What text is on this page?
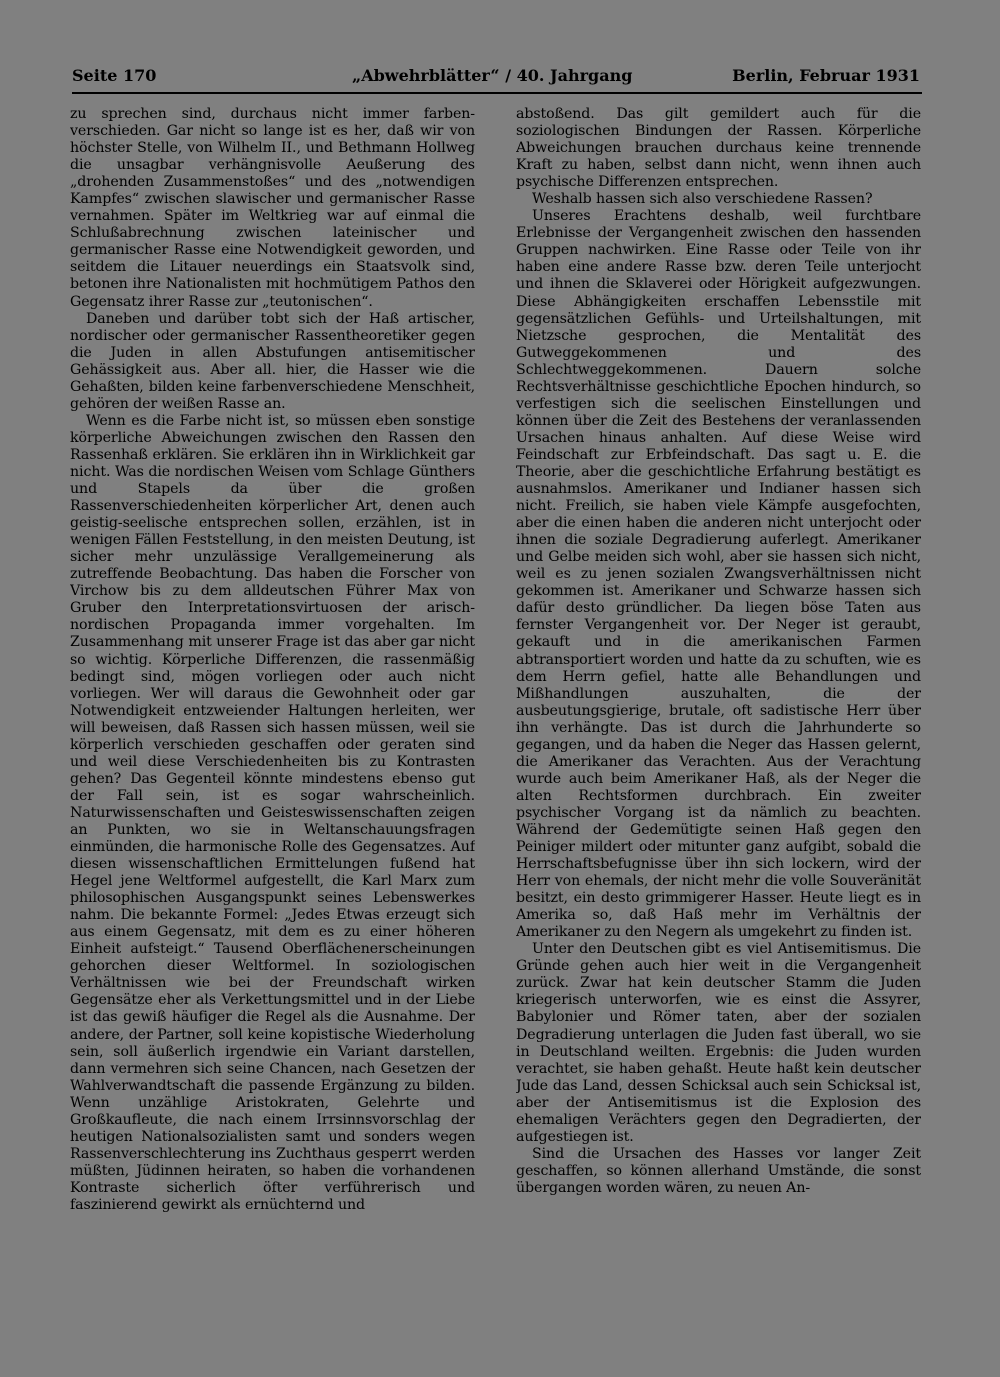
Seite 170	„Abwehrblätter“ / 40. Jahrgang	Berlin, Februar 1931

zu sprechen sind, durchaus nicht immer farben-verschieden. Gar nicht so lange ist es her, daß wir von höchster Stelle, von Wilhelm II., und Bethmann Hollweg die unsagbar verhängnisvolle Aeußerung des „drohenden Zusammenstoßes“ und des „notwendigen Kampfes“ zwischen slawischer und germanischer Rasse vernahmen. Später im Weltkrieg war auf einmal die Schlußabrechnung zwischen lateinischer und germanischer Rasse eine Notwendigkeit geworden, und seitdem die Litauer neuerdings ein Staatsvolk sind, betonen ihre Nationalisten mit hochmütigem Pathos den Gegensatz ihrer Rasse zur „teutonischen“.

Daneben und darüber tobt sich der Haß artischer, nordischer oder germanischer Rassentheoretiker gegen die Juden in allen Abstufungen antisemitischer Gehässigkeit aus. Aber all. hier, die Hasser wie die Gehaßten, bilden keine farbenverschiedene Menschheit, gehören der weißen Rasse an.

Wenn es die Farbe nicht ist, so müssen eben sonstige körperliche Abweichungen zwischen den Rassen den Rassenhaß erklären. Sie erklären ihn in Wirklichkeit gar nicht. Was die nordischen Weisen vom Schlage Günthers und Stapels da über die großen Rassenverschiedenheiten körperlicher Art, denen auch geistig-seelische entsprechen sollen, erzählen, ist in wenigen Fällen Feststellung, in den meisten Deutung, ist sicher mehr unzulässige Verallgemeinerung als zutreffende Beobachtung. Das haben die Forscher von Virchow bis zu dem alldeutschen Führer Max von Gruber den Interpretationsvirtuosen der arisch-nordischen Propaganda immer vorgehalten. Im Zusammenhang mit unserer Frage ist das aber gar nicht so wichtig. Körperliche Differenzen, die rassenmäßig bedingt sind, mögen vorliegen oder auch nicht vorliegen. Wer will daraus die Gewohnheit oder gar Notwendigkeit entzweiender Haltungen herleiten, wer will beweisen, daß Rassen sich hassen müssen, weil sie körperlich verschieden geschaffen oder geraten sind und weil diese Verschiedenheiten bis zu Kontrasten gehen? Das Gegenteil könnte mindestens ebenso gut der Fall sein, ist es sogar wahrscheinlich. Naturwissenschaften und Geisteswissenschaften zeigen an Punkten, wo sie in Weltanschauungsfragen einmünden, die harmonische Rolle des Gegensatzes. Auf diesen wissenschaftlichen Ermittelungen fußend hat Hegel jene Weltformel aufgestellt, die Karl Marx zum philosophischen Ausgangspunkt seines Lebenswerkes nahm. Die bekannte Formel: „Jedes Etwas erzeugt sich aus einem Gegensatz, mit dem es zu einer höheren Einheit aufsteigt.“ Tausend Oberflächenerscheinungen gehorchen dieser Weltformel. In soziologischen Verhältnissen wie bei der Freundschaft wirken Gegensätze eher als Verkettungsmittel und in der Liebe ist das gewiß häufiger die Regel als die Ausnahme. Der andere, der Partner, soll keine kopistische Wiederholung sein, soll äußerlich irgendwie ein Variant darstellen, dann vermehren sich seine Chancen, nach Gesetzen der Wahlverwandtschaft die passende Ergänzung zu bilden. Wenn unzählige Aristokraten, Gelehrte und Großkaufleute, die nach einem Irrsinnsvorschlag der heutigen Nationalsozialisten samt und sonders wegen Rassenverschlechterung ins Zuchthaus gesperrt werden müßten, Jüdinnen heiraten, so haben die vorhandenen Kontraste sicherlich öfter verführerisch und faszinierend gewirkt als ernüchternd und

abstoßend. Das gilt gemildert auch für die soziologischen Bindungen der Rassen. Körperliche Abweichungen brauchen durchaus keine trennende Kraft zu haben, selbst dann nicht, wenn ihnen auch psychische Differenzen entsprechen.

Weshalb hassen sich also verschiedene Rassen?

Unseres Erachtens deshalb, weil furchtbare Erlebnisse der Vergangenheit zwischen den hassenden Gruppen nachwirken. Eine Rasse oder Teile von ihr haben eine andere Rasse bzw. deren Teile unterjocht und ihnen die Sklaverei oder Hörigkeit aufgezwungen. Diese Abhängigkeiten erschaffen Lebensstile mit gegensätzlichen Gefühls- und Urteilshaltungen, mit Nietzsche gesprochen, die Mentalität des Gutweggekommenen und des Schlechtweggekommenen. Dauern solche Rechtsverhältnisse geschichtliche Epochen hindurch, so verfestigen sich die seelischen Einstellungen und können über die Zeit des Bestehens der veranlassenden Ursachen hinaus anhalten. Auf diese Weise wird Feindschaft zur Erbfeindschaft. Das sagt u. E. die Theorie, aber die geschichtliche Erfahrung bestätigt es ausnahmslos. Amerikaner und Indianer hassen sich nicht. Freilich, sie haben viele Kämpfe ausgefochten, aber die einen haben die anderen nicht unterjocht oder ihnen die soziale Degradierung auferlegt. Amerikaner und Gelbe meiden sich wohl, aber sie hassen sich nicht, weil es zu jenen sozialen Zwangsverhältnissen nicht gekommen ist. Amerikaner und Schwarze hassen sich dafür desto gründlicher. Da liegen böse Taten aus fernster Vergangenheit vor. Der Neger ist geraubt, gekauft und in die amerikanischen Farmen abtransportiert worden und hatte da zu schuften, wie es dem Herrn gefiel, hatte alle Behandlungen und Mißhandlungen auszuhalten, die der ausbeutungsgierige, brutale, oft sadistische Herr über ihn verhängte. Das ist durch die Jahrhunderte so gegangen, und da haben die Neger das Hassen gelernt, die Amerikaner das Verachten. Aus der Verachtung wurde auch beim Amerikaner Haß, als der Neger die alten Rechtsformen durchbrach. Ein zweiter psychischer Vorgang ist da nämlich zu beachten. Während der Gedemütigte seinen Haß gegen den Peiniger mildert oder mitunter ganz aufgibt, sobald die Herrschaftsbefugnisse über ihn sich lockern, wird der Herr von ehemals, der nicht mehr die volle Souveränität besitzt, ein desto grimmigerer Hasser. Heute liegt es in Amerika so, daß Haß mehr im Verhältnis der Amerikaner zu den Negern als umgekehrt zu finden ist.

Unter den Deutschen gibt es viel Antisemitismus. Die Gründe gehen auch hier weit in die Vergangenheit zurück. Zwar hat kein deutscher Stamm die Juden kriegerisch unterworfen, wie es einst die Assyrer, Babylonier und Römer taten, aber der sozialen Degradierung unterlagen die Juden fast überall, wo sie in Deutschland weilten. Ergebnis: die Juden wurden verachtet, sie haben gehaßt. Heute haßt kein deutscher Jude das Land, dessen Schicksal auch sein Schicksal ist, aber der Antisemitismus ist die Explosion des ehemaligen Verächters gegen den Degradierten, der aufgestiegen ist.

Sind die Ursachen des Hasses vor langer Zeit geschaffen, so können allerhand Umstände, die sonst übergangen worden wären, zu neuen An-
